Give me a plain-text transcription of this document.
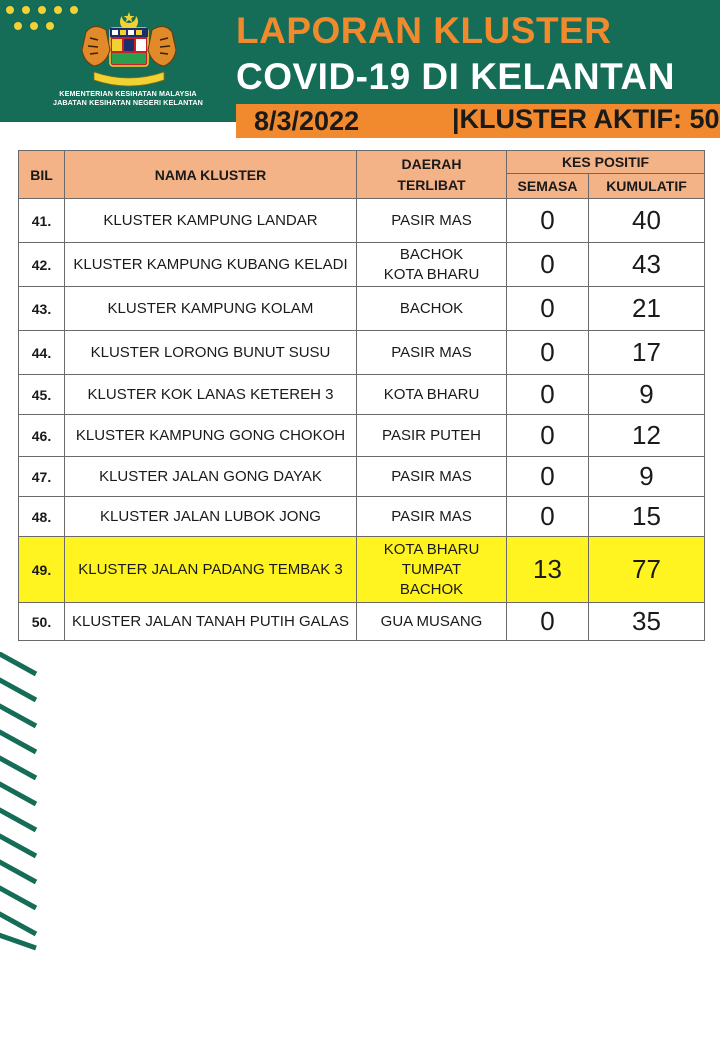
KEMENTERIAN KESIHATAN MALAYSIA
JABATAN KESIHATAN NEGERI KELANTAN
LAPORAN KLUSTER
COVID-19 DI KELANTAN
8/3/2022	|KLUSTER AKTIF: 50
BIL	NAMA KLUSTER	DAERAH
TERLIBAT	KES POSITIF	
			SEMASA	KUMULATIF
41.	KLUSTER KAMPUNG LANDAR	PASIR MAS	0	40
42.	KLUSTER KAMPUNG KUBANG KELADI	BACHOK
KOTA BHARU	0	43
43.	KLUSTER KAMPUNG KOLAM	BACHOK	0	21
44.	KLUSTER LORONG BUNUT SUSU	PASIR MAS	0	17
45.	KLUSTER KOK LANAS KETEREH 3	KOTA BHARU	0	9
46.	KLUSTER KAMPUNG GONG CHOKOH	PASIR PUTEH	0	12
47.	KLUSTER JALAN GONG DAYAK	PASIR MAS	0	9
48.	KLUSTER JALAN LUBOK JONG	PASIR MAS	0	15
49.	KLUSTER JALAN PADANG TEMBAK 3	KOTA BHARU
TUMPAT
BACHOK	13	77
50.	KLUSTER JALAN TANAH PUTIH GALAS	GUA MUSANG	0	35
